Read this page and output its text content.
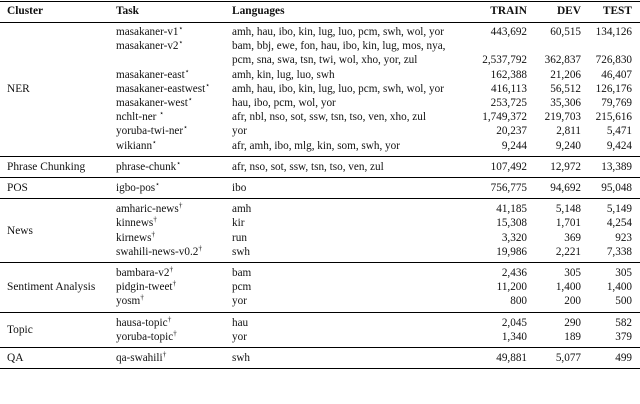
Cluster	Task	Languages	TRAIN	DEV	TEST
masakaner-v1⋆	amh, hau, ibo, kin, lug, luo, pcm, swh, wol, yor	443,692	60,515	134,126
masakaner-v2⋆	bam, bbj, ewe, fon, hau, ibo, kin, lug, mos, nya,
pcm, sna, swa, tsn, twi, wol, xho, yor, zul	2,537,792	362,837	726,830
masakaner-east⋆	amh, kin, lug, luo, swh	162,388	21,206	46,407
masakaner-eastwest⋆ amh, hau, ibo, kin, lug, luo, pcm, swh, wol, yor	416,113	56,512	126,176
masakaner-west⋆	hau, ibo, pcm, wol, yor	253,725	35,306	79,769
nchlt-ner ⋆	afr, nbl, nso, sot, ssw, tsn, tso, ven, xho, zul	1,749,372	219,703	215,616
yoruba-twi-ner⋆	yor	20,237	2,811	5,471
wikiann⋆	afr, amh, ibo, mlg, kin, som, swh, yor	9,244	9,240	9,424
NER
phrase-chunk⋆	afr, nso, sot, ssw, tsn, tso, ven, zul	107,492	12,972	13,389
Phrase Chunking
igbo-pos⋆	ibo	756,775	94,692	95,048
POS
amharic-news†	amh	41,185	5,148	5,149
kinnews†	kir	15,308	1,701	4,254
kirnews†	run	3,320	369	923
swahili-news-v0.2†	swh	19,986	2,221	7,338
News
bambara-v2†	bam	2,436	305	305
pidgin-tweet†	pcm	11,200	1,400	1,400
yosm†	yor	800	200	500
Sentiment Analysis
hausa-topic†	hau	2,045	290	582
yoruba-topic†	yor	1,340	189	379
Topic
qa-swahili†	swh	49,881	5,077	499
QA
